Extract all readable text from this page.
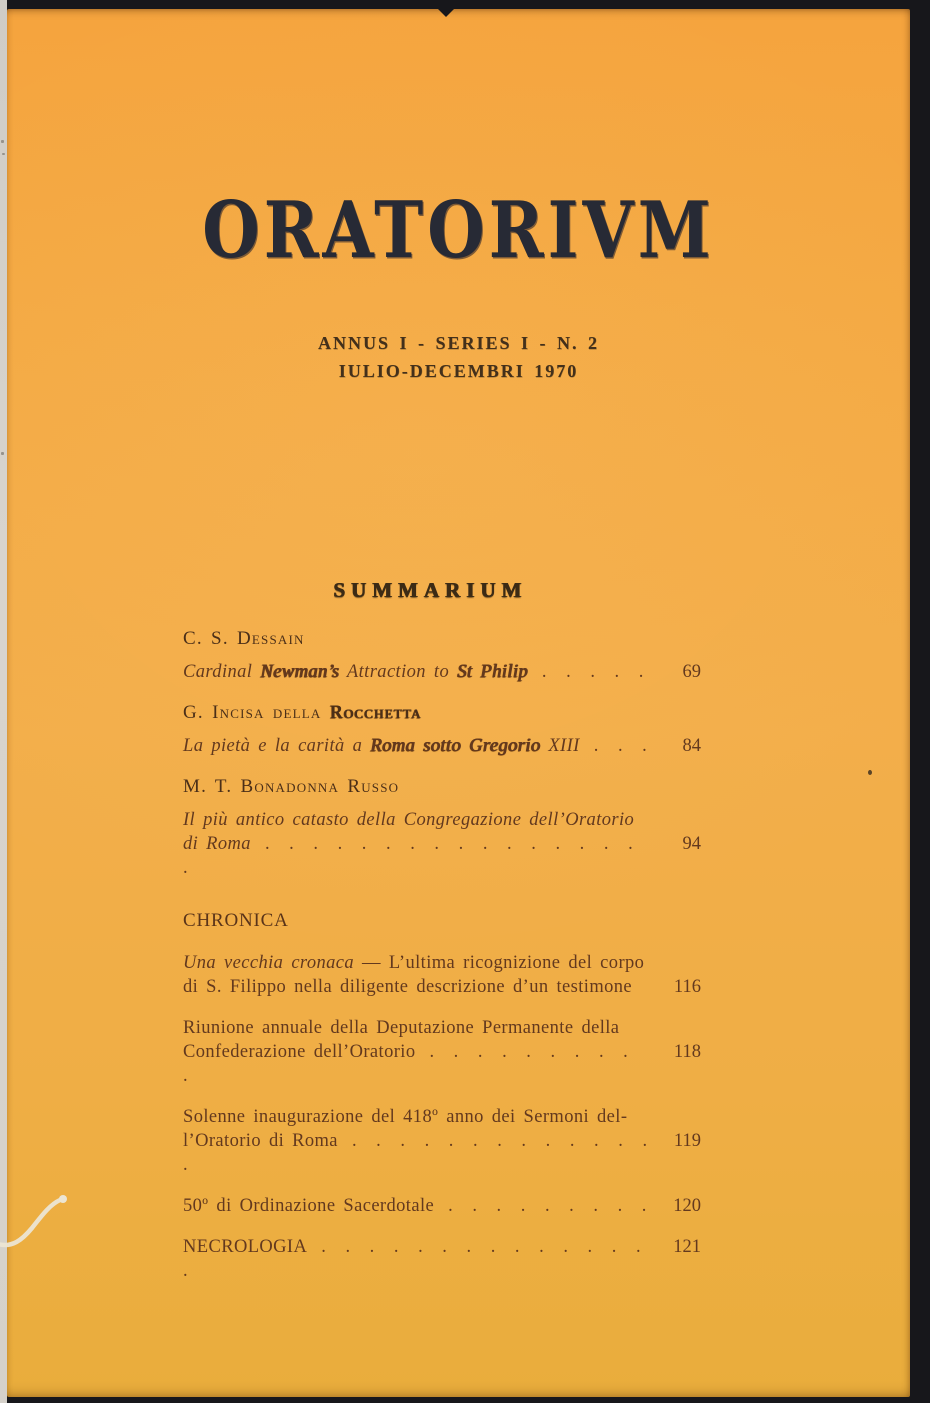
ORATORIVM
ANNUS I - SERIES I - N. 2
IULIO-DECEMBRI 1970
SUMMARIUM
C. S. Dessain
Cardinal Newman’s Attraction to St Philip . . . . . 69
G. Incisa della Rocchetta
La pietà e la carità a Roma sotto Gregorio XIII . . . 84
M. T. Bonadonna Russo
Il più antico catasto della Congregazione dell’Oratorio
di Roma . . . . . . . . . . . . . . . . .
94
CHRONICA
Una vecchia cronaca — L’ultima ricognizione del corpo
di S. Filippo nella diligente descrizione d’un testimone 116
Riunione annuale della Deputazione Permanente della
Confederazione dell’Oratorio . . . . . . . . . .
118
Solenne inaugurazione del 418º anno dei Sermoni del-
l’Oratorio di Roma . . . . . . . . . . . . . .
119
50º di Ordinazione Sacerdotale . . . . . . . . . 120
NECROLOGIA . . . . . . . . . . . . . . .
121
